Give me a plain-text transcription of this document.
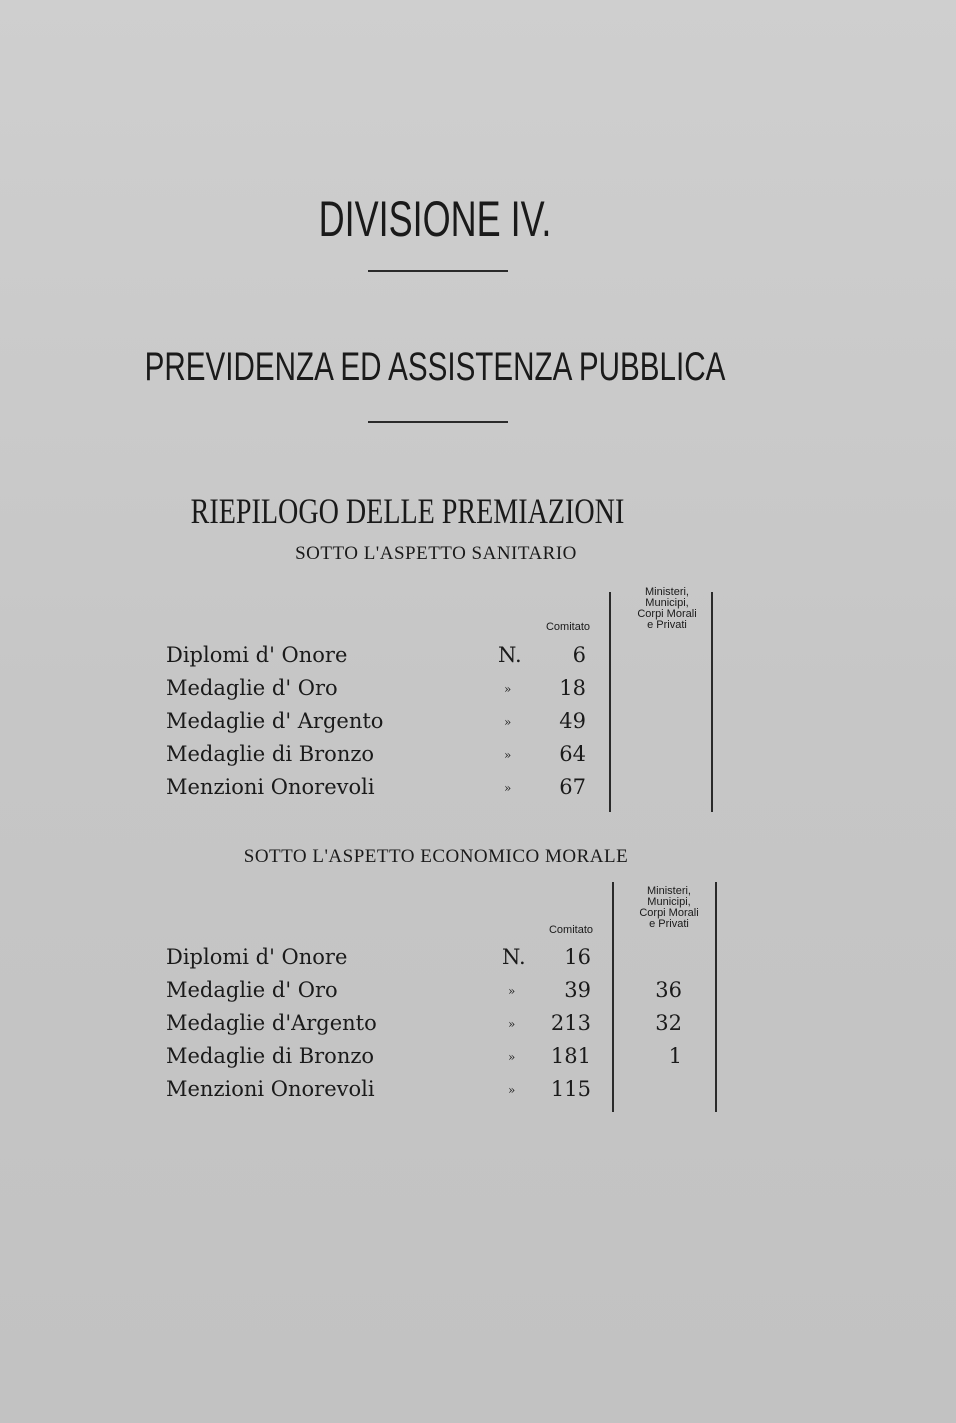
DIVISIONE IV.
PREVIDENZA ED ASSISTENZA PUBBLICA
RIEPILOGO DELLE PREMIAZIONI
SOTTO L'ASPETTO SANITARIO
Comitato
Ministeri,
Municipi,
Corpi Morali
e Privati
Diplomi d' Onore	N.	6
Medaglie d' Oro	»	18
Medaglie d' Argento	»	49
Medaglie di Bronzo	»	64
Menzioni Onorevoli	»	67
SOTTO L'ASPETTO ECONOMICO MORALE
Comitato
Ministeri,
Municipi,
Corpi Morali
e Privati
Diplomi d' Onore	N.	16
Medaglie d' Oro	»	39	36
Medaglie d'Argento	»	213	32
Medaglie di Bronzo	»	181	1
Menzioni Onorevoli	»	115
